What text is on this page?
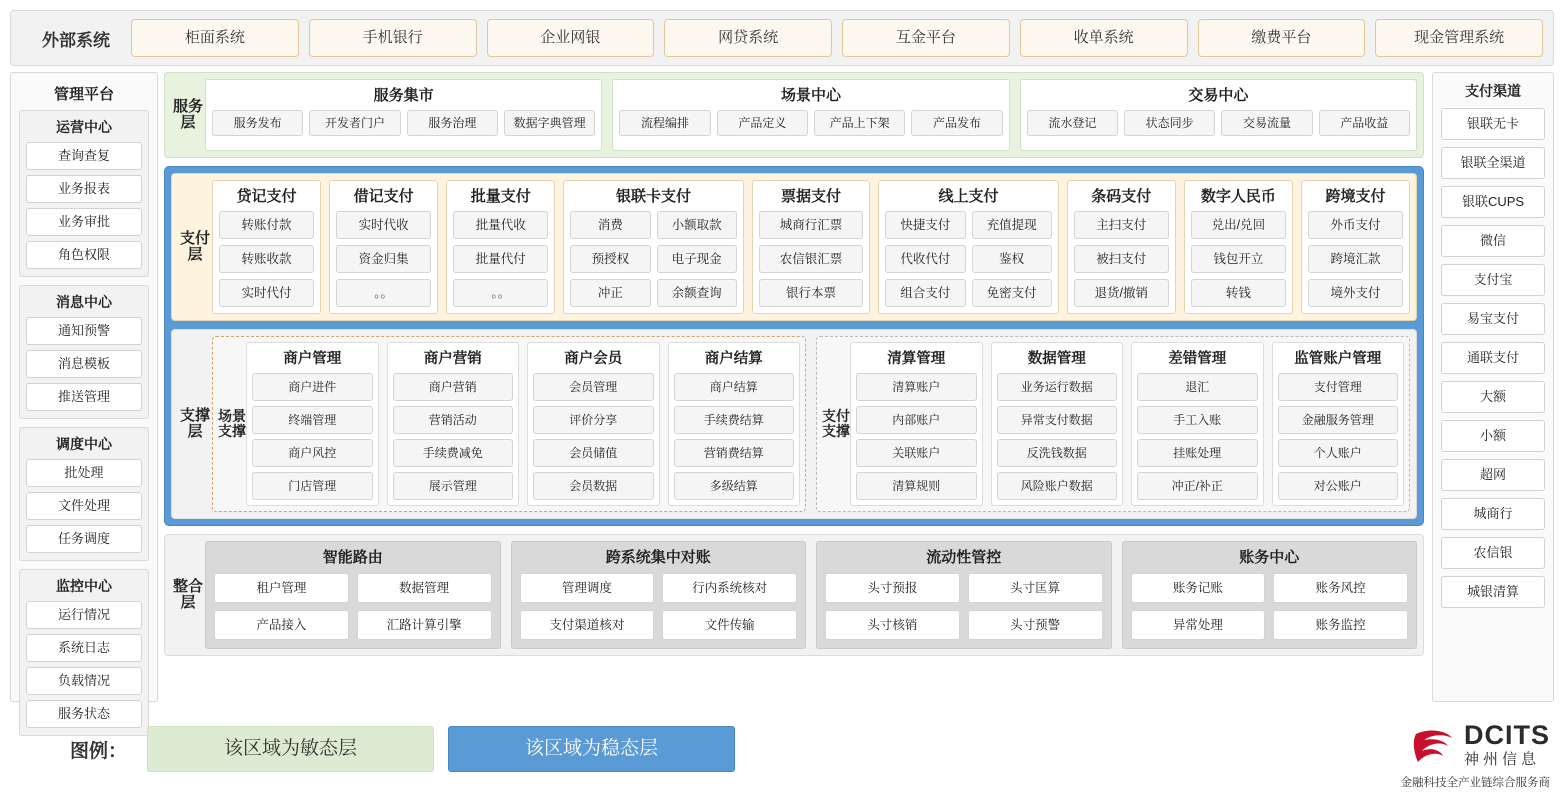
外部系统	柜面系统	手机银行	企业网银	网贷系统	互金平台	收单系统	缴费平台	现金管理系统
管理平台
运营中心
查询查复
业务报表
业务审批
角色权限
消息中心
通知预警
消息模板
推送管理
调度中心
批处理
文件处理
任务调度
监控中心
运行情况
系统日志
负载情况
服务状态
支付渠道
银联无卡
银联全渠道
银联CUPS
微信
支付宝
易宝支付
通联支付
大额
小额
超网
城商行
农信银
城银清算
服务层
服务集市
服务发布	开发者门户	服务治理	数据字典管理
场景中心
流程编排	产品定义	产品上下架	产品发布
交易中心
流水登记	状态同步	交易流量	产品收益
支付层
贷记支付
转账付款
转账收款
实时代付
借记支付
实时代收
资金归集
。。
批量支付
批量代收
批量代付
。。
银联卡支付
消费	小额取款
预授权	电子现金
冲正	余额查询
票据支付
城商行汇票
农信银汇票
银行本票
线上支付
快捷支付	充值提现
代收代付	鉴权
组合支付	免密支付
条码支付
主扫支付
被扫支付
退货/撤销
数字人民币
兑出/兑回
钱包开立
转钱
跨境支付
外币支付
跨境汇款
境外支付
支撑层
场景支撑
商户管理
商户进件
终端管理
商户风控
门店管理
商户营销
商户营销
营销活动
手续费减免
展示管理
商户会员
会员管理
评价分享
会员储值
会员数据
商户结算
商户结算
手续费结算
营销费结算
多级结算
支付支撑
清算管理
清算账户
内部账户
关联账户
清算规则
数据管理
业务运行数据
异常支付数据
反洗钱数据
风险账户数据
差错管理
退汇
手工入账
挂账处理
冲正/补正
监管账户管理
支付管理
金融服务管理
个人账户
对公账户
整合层
智能路由
租户管理	数据管理
产品接入	汇路计算引擎
跨系统集中对账
管理调度	行内系统核对
支付渠道核对	文件传输
流动性管控
头寸预报	头寸匡算
头寸核销	头寸预警
账务中心
账务记账	账务风控
异常处理	账务监控
图例：	该区域为敏态层	该区域为稳态层	DCITS
神州信息
金融科技全产业链综合服务商
